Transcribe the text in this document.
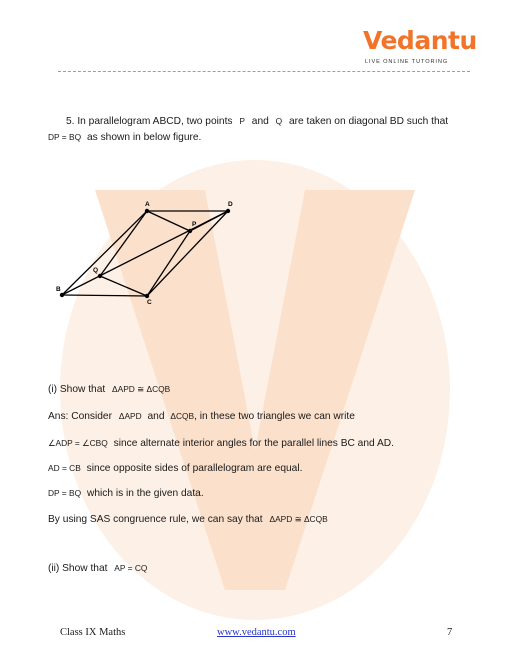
Vedantu
LIVE ONLINE TUTORING
5. In parallelogram ABCD, two points P and Q are taken on diagonal BD such that
DP = BQ as shown in below figure.
A	D
P
Q
B
C
(i) Show that ΔAPD ≅ ΔCQB
Ans: Consider ΔAPD and ΔCQB, in these two triangles we can write
∠ADP = ∠CBQ since alternate interior angles for the parallel lines BC and AD.
AD = CB since opposite sides of parallelogram are equal.
DP = BQ which is in the given data.
By using SAS congruence rule, we can say that ΔAPD ≅ ΔCQB
(ii) Show that AP = CQ
Class IX Maths	www.vedantu.com	7
